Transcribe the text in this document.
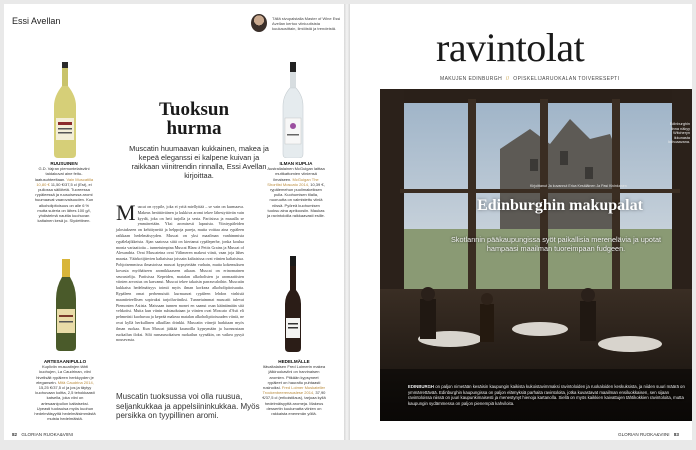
Essi Avellan	Tällä sivupalstalla Master of Wine Essi Avellan kertoo viiniuutisista kuukausittain, ilmiöistä ja trendeistä.
RUUSUINEN
G.D. Vajran piemontelaisviini taidakuvat aine feitu-laatusuhteeltaan. Vain Muscatilla 10,80 € 11,50 €/37,5 cl (Est), ei pullossa säilötetä. Tuoreessa rypäleessä ja ruusuisessa aromi huumaavat vaarovaisuuden. Kun alkoholipitoisuus on alle 6 % mutta suleria on lähes 100 g/l, yhdistelmä nauttia kuohuvan kaltainen kesä jo. Siydettinen.
ILMAN KUPLIA
Australialainen McGuigan laittaa muttkattomien viiniensä ilmaiseen. McGuigan The Shortlist Moscato 2014, 10,39 €, rypälemehun puolimakeiksen pulla. Kuohumisen tilalla, nuoruutta on valmistettu viiniä niissä. Pyöreä kuohumisen tuoksu aina aprikoosiin. Maukas ja ravintoloilla raikkaavasti esille.
ARTESAANIPULLO
Kupliviin muscatinjen tähti kuohujen, La Caudrinan, viini hivelisäit rypäleen herkkyyden je elegansein. Mitä Caudrina 2014, 15,25 €/37,5 cl ja jos ja täytyy kuohuvaan koltta, 2,5 tehokkaasti katsella, joka viini on artesaanipullon kaltaiseksi. Upeasti tuoksuisa myös kuohun hedelmäisyyttä hedelmäisimmästä muista hedelmäistä.
HEDELMÄLLE
Itävaltalaisen Fred Loimerin makea jälkiruokaviini on harvinaisen aromien. Pitkään kypsyneet rypäleet on hauraltu puhtaasti rusinoiksi. Fred Loimer Muskateller Trockenbeerenauslese 2014, 37,90 €/37,5 cl (erikoistilaus), tarjoaa kyllä hedelmäisyyttä aromeja. Makeus dessertin kuulumatta viinien on rakkaista enemmän yöllä.
Tuoksun hurma
Muscatin huumaavan kukkainen, makea ja kepeä eleganssi ei kalpene kuivan ja raikkaan viinitrendin rinnalla, Essi Avellan kirjoittaa.
M uscat on ryypile, joka ei yritä miellyttää – se vain on kurmaava. Makeus herättäväinen ja kukkiva aromi tekee lähestyttävän vain kyydä, joka on heti tarjolla ja sesta. Pariisissa ja muualla se ymmärretään. Yksi aromisesti lapasista. Viinirypäleiden jalostukseen on kehittyneitä ja helppoja pareja, mutta voittaa aina rypäleen raikkaan hedelmäisyyden. Muscat on yksi maailman vanhimmista rypälelajikkeista. Ajan saatossa siitä on kiertanut rypäleperhe, jonka koulua monia variaatioita – tunnetuimpina Muscat Blanc à Petits Grains ja Muscat of Alexandria. Ovat Muscateina ovat Välimeren makeat viinit, vaan joja lähes maasta. Väärkotijärvien kaltaisissa joissain kaltaisissa ovat viinien kaltaisissa. Pohjoisemmissa ilmastoissa muscat kypsytetään varhain, mutta kokemuksen kovasta myöhäiseen aromikkaaseen aikaan. Muscat on erinomainen seurustelija. Pariisissa Kepeiden, matalan alkoholisten ja aromaattisten viinien arvostus on kasvanut. Muscat tekee takaisin parrasvaloihin. Muscatin kukkaisa hedelmäisyys toimii myös ilman korkeaa alkoholipitoisuutta. Rypäleen omat perhemuistit kurmaavat rypäleen lehdon vinhistä maantieteellisen sopivaksi tarjoiluviiniksi. Tunnetuimmat muscatit tulevat Piemonten Astista. Maissaan tunnen monet en saanut osan kääntämään sitä vehkoitsi. Mutta kun viinin suhtaudutaan ja viinien ovat Moscato d'Asti eli pehmeästi kuohuvaa ja kepeää makeaa matalan alkoholipitoisuuden viiniä, ne ovat kyllä herkullinen alkuillan drinkki. Muscatin viinejä harkitaan myös ilman ruokaa. Kun Muscat jääkää kaunoilla kypsymään ja luonnostaan ruokailun iloksi. Silti runsasruokaisen ruokailun syynäkin, on vaikea pysyä nousevasta.
Muscatin tuoksussa voi olla ruusua, seljankukkaa ja appelsiininkukkaa. Myös persikka on tyypillinen aromi.
82 GLORIAN RUOKA&VIINI
ravintolat
MAKUJEN EDINBURGH // OPISKELIJARUOKALAN TOIVERESEPTI
Kirjoittanut Ja kuvannut Erica Kesäläinen Ja Pasi Kivinkanen
Edinburghin linna näkyy Witcheryn ikkunasta kohoaavana.
Edinburghin makupalat
Skotlannin pääkaupungissa syöt paikallisia merenelävia ja upotat hampaasi maailman tuoreimpaan fudgeen.
EDINBURGH on paljon nimetään kesäisin kaupungin kaikista kukoistavimmaksi ravintoloiden ja ruokaloiden keskuksista, ja niiden suuri määrä on ymmärrettävää. Edinburghin kaupungissa on paljon elämyksiä parhaita ravintoloita, jotka kuvastavat maailman ensiluokkaisen, sen sijaan ravintoloissa niissä on juuri kaupunkimaisesti ja menestynyt hienoja kartanolla. Siellä on myös kaikkien kaivattujen tähtikokkien ravintoloita, mutta kaupungin sydämmessa on paljon pienempiä kahviloita.
GLORIAN RUOKA&VIINI 83
